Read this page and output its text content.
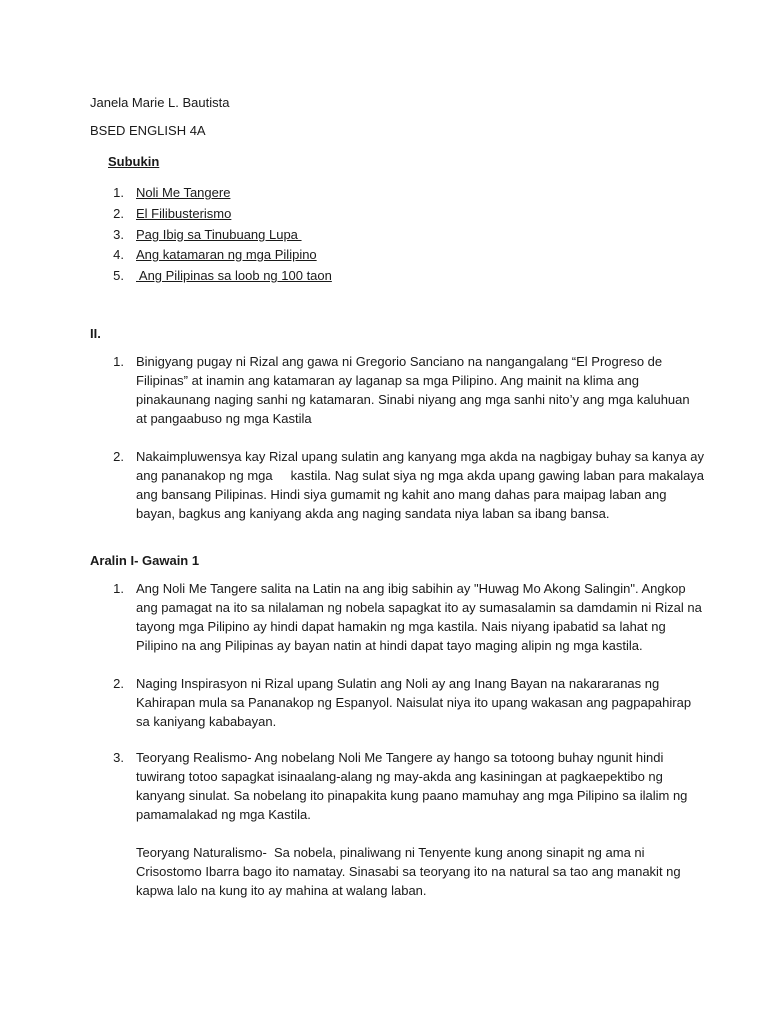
Janela Marie L. Bautista
BSED ENGLISH 4A
Subukin
1. Noli Me Tangere
2. El Filibusterismo
3. Pag Ibig sa Tinubuang Lupa
4. Ang katamaran ng mga Pilipino
5. Ang Pilipinas sa loob ng 100 taon
II.
1. Binigyang pugay ni Rizal ang gawa ni Gregorio Sanciano na nangangalang “El Progreso de
Filipinas” at inamin ang katamaran ay laganap sa mga Pilipino. Ang mainit na klima ang
pinakaunang naging sanhi ng katamaran. Sinabi niyang ang mga sanhi nito’y ang mga kaluhuan
at pangaabuso ng mga Kastila
2. Nakaimpluwensya kay Rizal upang sulatin ang kanyang mga akda na nagbigay buhay sa kanya ay
ang pananakop ng mga     kastila. Nag sulat siya ng mga akda upang gawing laban para makalaya
ang bansang Pilipinas. Hindi siya gumamit ng kahit ano mang dahas para maipag laban ang
bayan, bagkus ang kaniyang akda ang naging sandata niya laban sa ibang bansa.
Aralin I- Gawain 1
1. Ang Noli Me Tangere salita na Latin na ang ibig sabihin ay "Huwag Mo Akong Salingin". Angkop
ang pamagat na ito sa nilalaman ng nobela sapagkat ito ay sumasalamin sa damdamin ni Rizal na
tayong mga Pilipino ay hindi dapat hamakin ng mga kastila. Nais niyang ipabatid sa lahat ng
Pilipino na ang Pilipinas ay bayan natin at hindi dapat tayo maging alipin ng mga kastila.
2. Naging Inspirasyon ni Rizal upang Sulatin ang Noli ay ang Inang Bayan na nakararanas ng
Kahirapan mula sa Pananakop ng Espanyol. Naisulat niya ito upang wakasan ang pagpapahirap
sa kaniyang kababayan.
3. Teoryang Realismo- Ang nobelang Noli Me Tangere ay hango sa totoong buhay ngunit hindi
tuwirang totoo sapagkat isinaalang-alang ng may-akda ang kasiningan at pagkaepektibo ng
kanyang sinulat. Sa nobelang ito pinapakita kung paano mamuhay ang mga Pilipino sa ilalim ng
pamamalakad ng mga Kastila.
Teoryang Naturalismo-  Sa nobela, pinaliwang ni Tenyente kung anong sinapit ng ama ni
Crisostomo Ibarra bago ito namatay. Sinasabi sa teoryang ito na natural sa tao ang manakit ng
kapwa lalo na kung ito ay mahina at walang laban.
